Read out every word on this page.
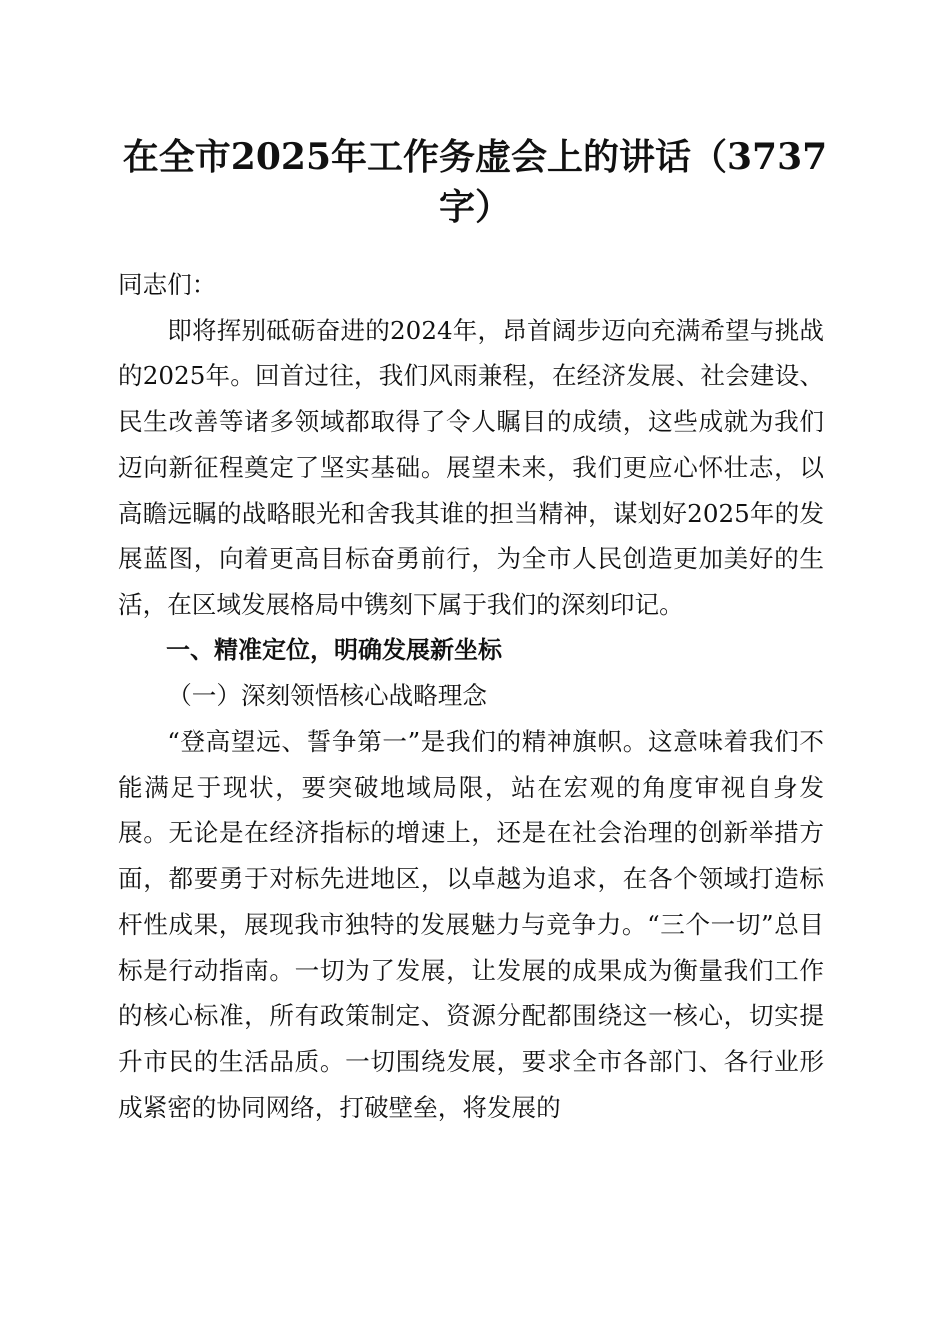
在全市2025年工作务虚会上的讲话（3737字）

同志们：

即将挥别砥砺奋进的2024年，昂首阔步迈向充满希望与挑战的2025年。回首过往，我们风雨兼程，在经济发展、社会建设、民生改善等诸多领域都取得了令人瞩目的成绩，这些成就为我们迈向新征程奠定了坚实基础。展望未来，我们更应心怀壮志，以高瞻远瞩的战略眼光和舍我其谁的担当精神，谋划好2025年的发展蓝图，向着更高目标奋勇前行，为全市人民创造更加美好的生活，在区域发展格局中镌刻下属于我们的深刻印记。

一、精准定位，明确发展新坐标

（一）深刻领悟核心战略理念

“登高望远、誓争第一”是我们的精神旗帜。这意味着我们不能满足于现状，要突破地域局限，站在宏观的角度审视自身发展。无论是在经济指标的增速上，还是在社会治理的创新举措方面，都要勇于对标先进地区，以卓越为追求，在各个领域打造标杆性成果，展现我市独特的发展魅力与竞争力。“三个一切”总目标是行动指南。一切为了发展，让发展的成果成为衡量我们工作的核心标准，所有政策制定、资源分配都围绕这一核心，切实提升市民的生活品质。一切围绕发展，要求全市各部门、各行业形成紧密的协同网络，打破壁垒，将发展的
